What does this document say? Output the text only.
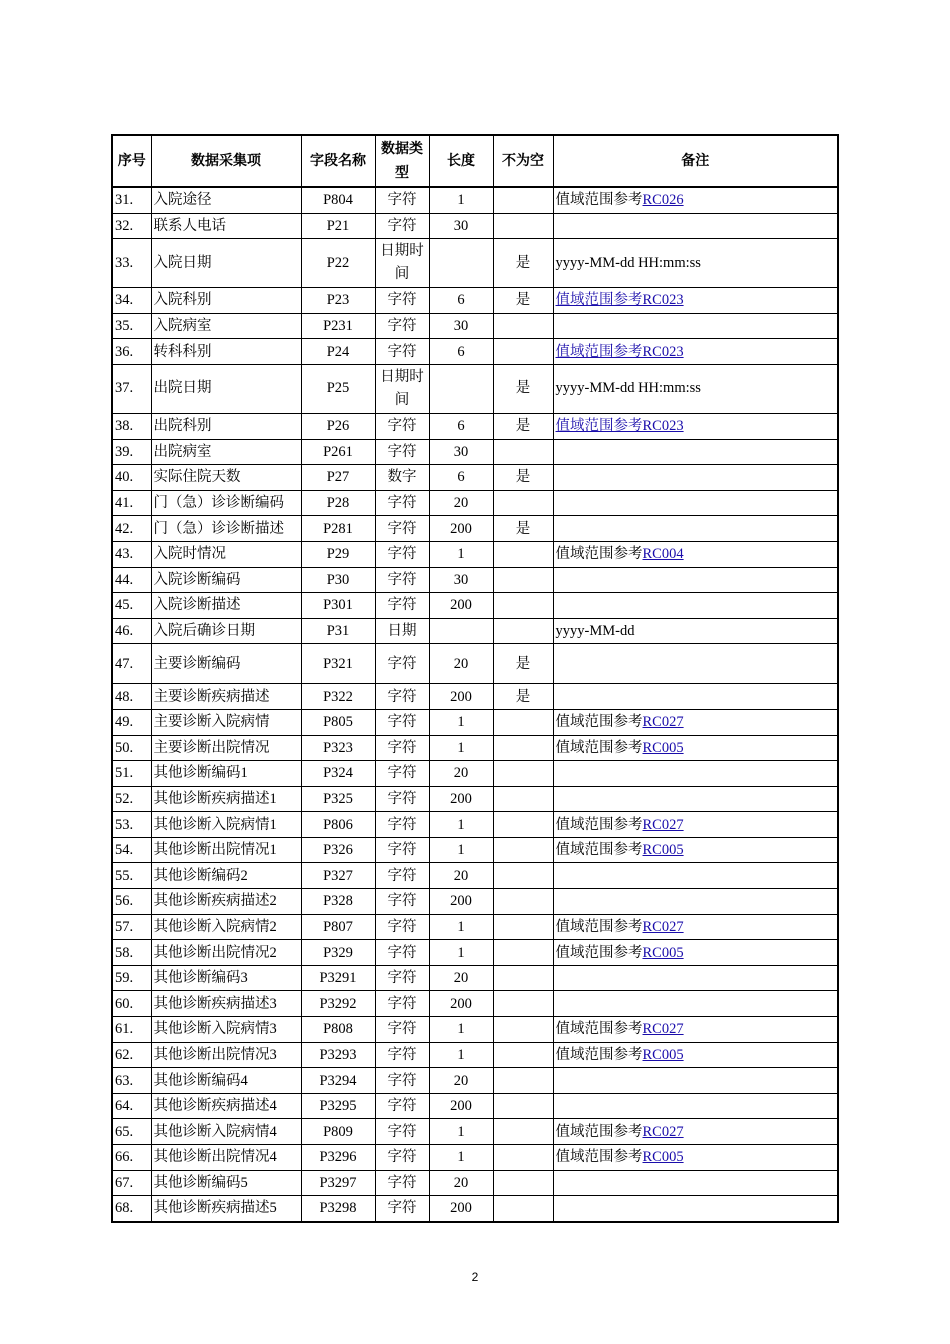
序号	数据采集项	字段名称	数据类型	长度	不为空	备注
31.	入院途径	P804	字符	1		值域范围参考RC026
32.	联系人电话	P21	字符	30		
33.	入院日期	P22	日期时间		是	yyyy-MM-dd HH:mm:ss
34.	入院科别	P23	字符	6	是	值域范围参考RC023
35.	入院病室	P231	字符	30		
36.	转科科别	P24	字符	6		值域范围参考RC023
37.	出院日期	P25	日期时间		是	yyyy-MM-dd HH:mm:ss
38.	出院科别	P26	字符	6	是	值域范围参考RC023
39.	出院病室	P261	字符	30		
40.	实际住院天数	P27	数字	6	是	
41.	门（急）诊诊断编码	P28	字符	20		
42.	门（急）诊诊断描述	P281	字符	200	是	
43.	入院时情况	P29	字符	1		值域范围参考RC004
44.	入院诊断编码	P30	字符	30		
45.	入院诊断描述	P301	字符	200		
46.	入院后确诊日期	P31	日期			yyyy-MM-dd
47.	主要诊断编码	P321	字符	20	是	
48.	主要诊断疾病描述	P322	字符	200	是	
49.	主要诊断入院病情	P805	字符	1		值域范围参考RC027
50.	主要诊断出院情况	P323	字符	1		值域范围参考RC005
51.	其他诊断编码1	P324	字符	20		
52.	其他诊断疾病描述1	P325	字符	200		
53.	其他诊断入院病情1	P806	字符	1		值域范围参考RC027
54.	其他诊断出院情况1	P326	字符	1		值域范围参考RC005
55.	其他诊断编码2	P327	字符	20		
56.	其他诊断疾病描述2	P328	字符	200		
57.	其他诊断入院病情2	P807	字符	1		值域范围参考RC027
58.	其他诊断出院情况2	P329	字符	1		值域范围参考RC005
59.	其他诊断编码3	P3291	字符	20		
60.	其他诊断疾病描述3	P3292	字符	200		
61.	其他诊断入院病情3	P808	字符	1		值域范围参考RC027
62.	其他诊断出院情况3	P3293	字符	1		值域范围参考RC005
63.	其他诊断编码4	P3294	字符	20		
64.	其他诊断疾病描述4	P3295	字符	200		
65.	其他诊断入院病情4	P809	字符	1		值域范围参考RC027
66.	其他诊断出院情况4	P3296	字符	1		值域范围参考RC005
67.	其他诊断编码5	P3297	字符	20		
68.	其他诊断疾病描述5	P3298	字符	200		
2
